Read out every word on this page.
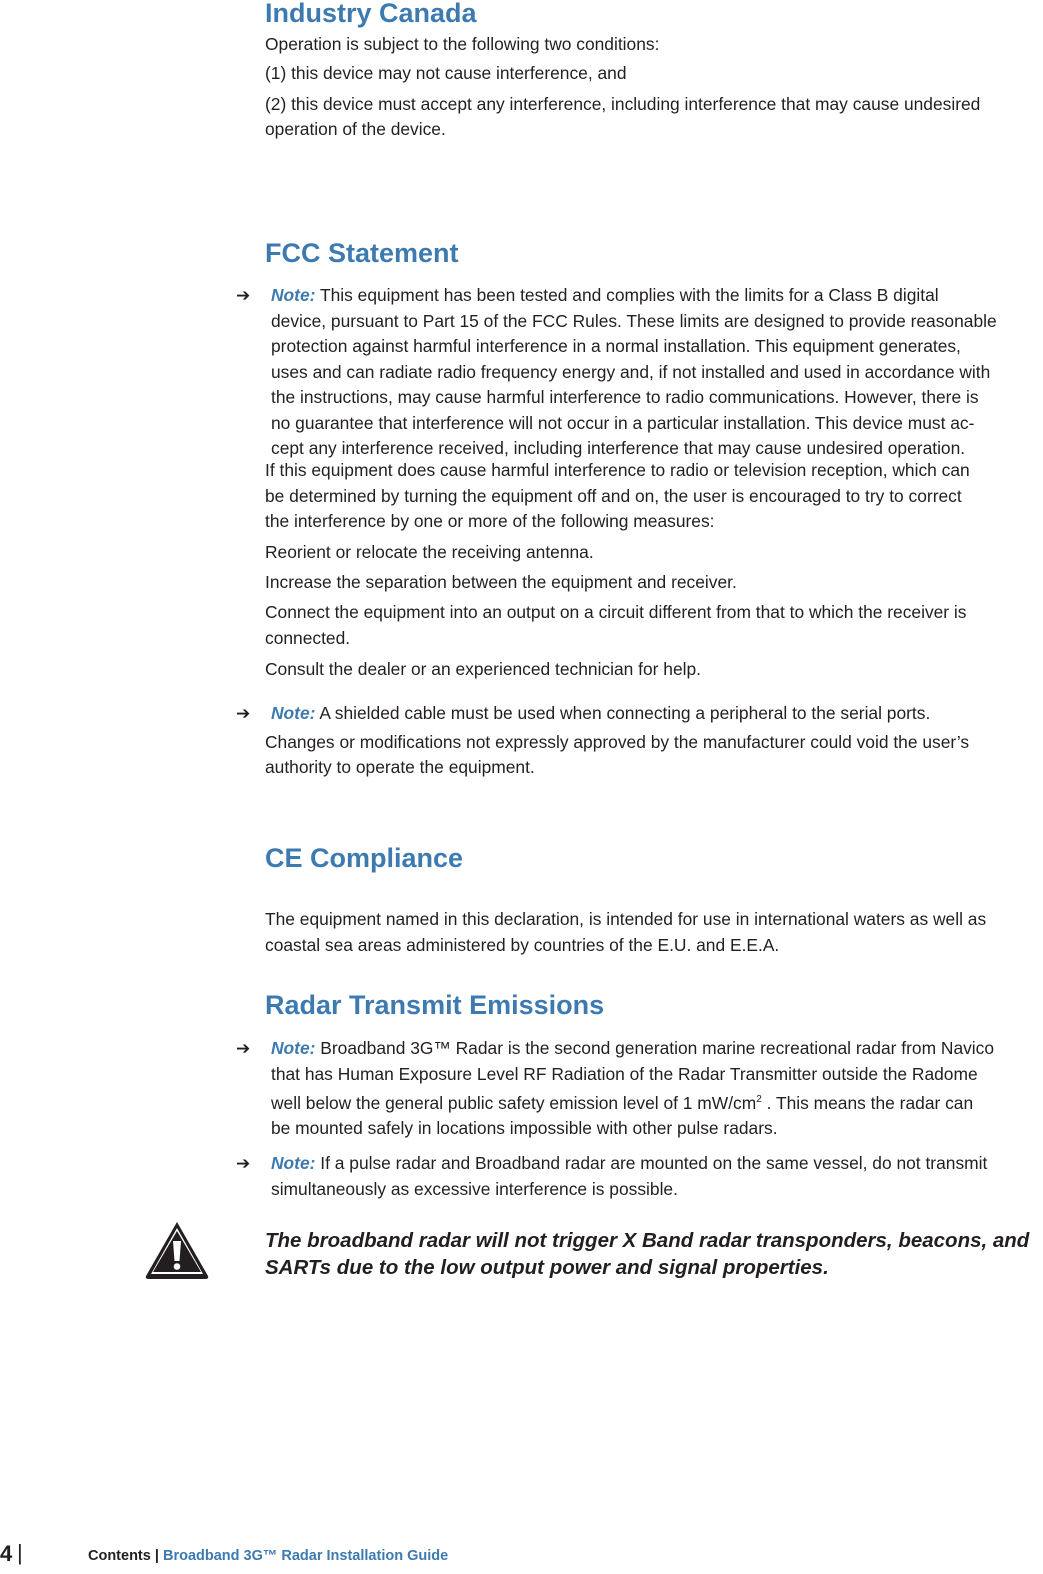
Industry Canada

Operation is subject to the following two conditions:

(1) this device may not cause interference, and

(2) this device must accept any interference, including interference that may cause undesired

operation of the device.

FCC Statement
➔ Note: This equipment has been tested and complies with the limits for a Class B digital
device, pursuant to Part 15 of the FCC Rules. These limits are designed to provide reasonable
protection against harmful interference in a normal installation. This equipment generates,
uses and can radiate radio frequency energy and, if not installed and used in accordance with
the instructions, may cause harmful interference to radio communications. However, there is
no guarantee that interference will not occur in a particular installation. This device must ac-
cept any interference received, including interference that may cause undesired operation.
If this equipment does cause harmful interference to radio or television reception, which can
be determined by turning the equipment off and on, the user is encouraged to try to correct
the interference by one or more of the following measures:

Reorient or relocate the receiving antenna.

Increase the separation between the equipment and receiver.

Connect the equipment into an output on a circuit different from that to which the receiver is

connected.

Consult the dealer or an experienced technician for help.

➔ Note: A shielded cable must be used when connecting a peripheral to the serial ports.

Changes or modifications not expressly approved by the manufacturer could void the user’s

authority to operate the equipment.

CE Compliance
The equipment named in this declaration, is intended for use in international waters as well as
coastal sea areas administered by countries of the E.U. and E.E.A.
Radar Transmit Emissions
➔ Note: Broadband 3G™ Radar is the second generation marine recreational radar from Navico
that has Human Exposure Level RF Radiation of the Radar Transmitter outside the Radome
well below the general public safety emission level of 1 $mW/cm^2$ . This means the radar can
be mounted safely in locations impossible with other pulse radars.
➔ Note: If a pulse radar and Broadband radar are mounted on the same vessel, do not transmit
simultaneously as excessive interference is possible.
The broadband radar will not trigger X Band radar transponders, beacons, and
SARTs due to the low output power and signal properties.
4 |	Contents | Broadband 3G™ Radar Installation Guide
